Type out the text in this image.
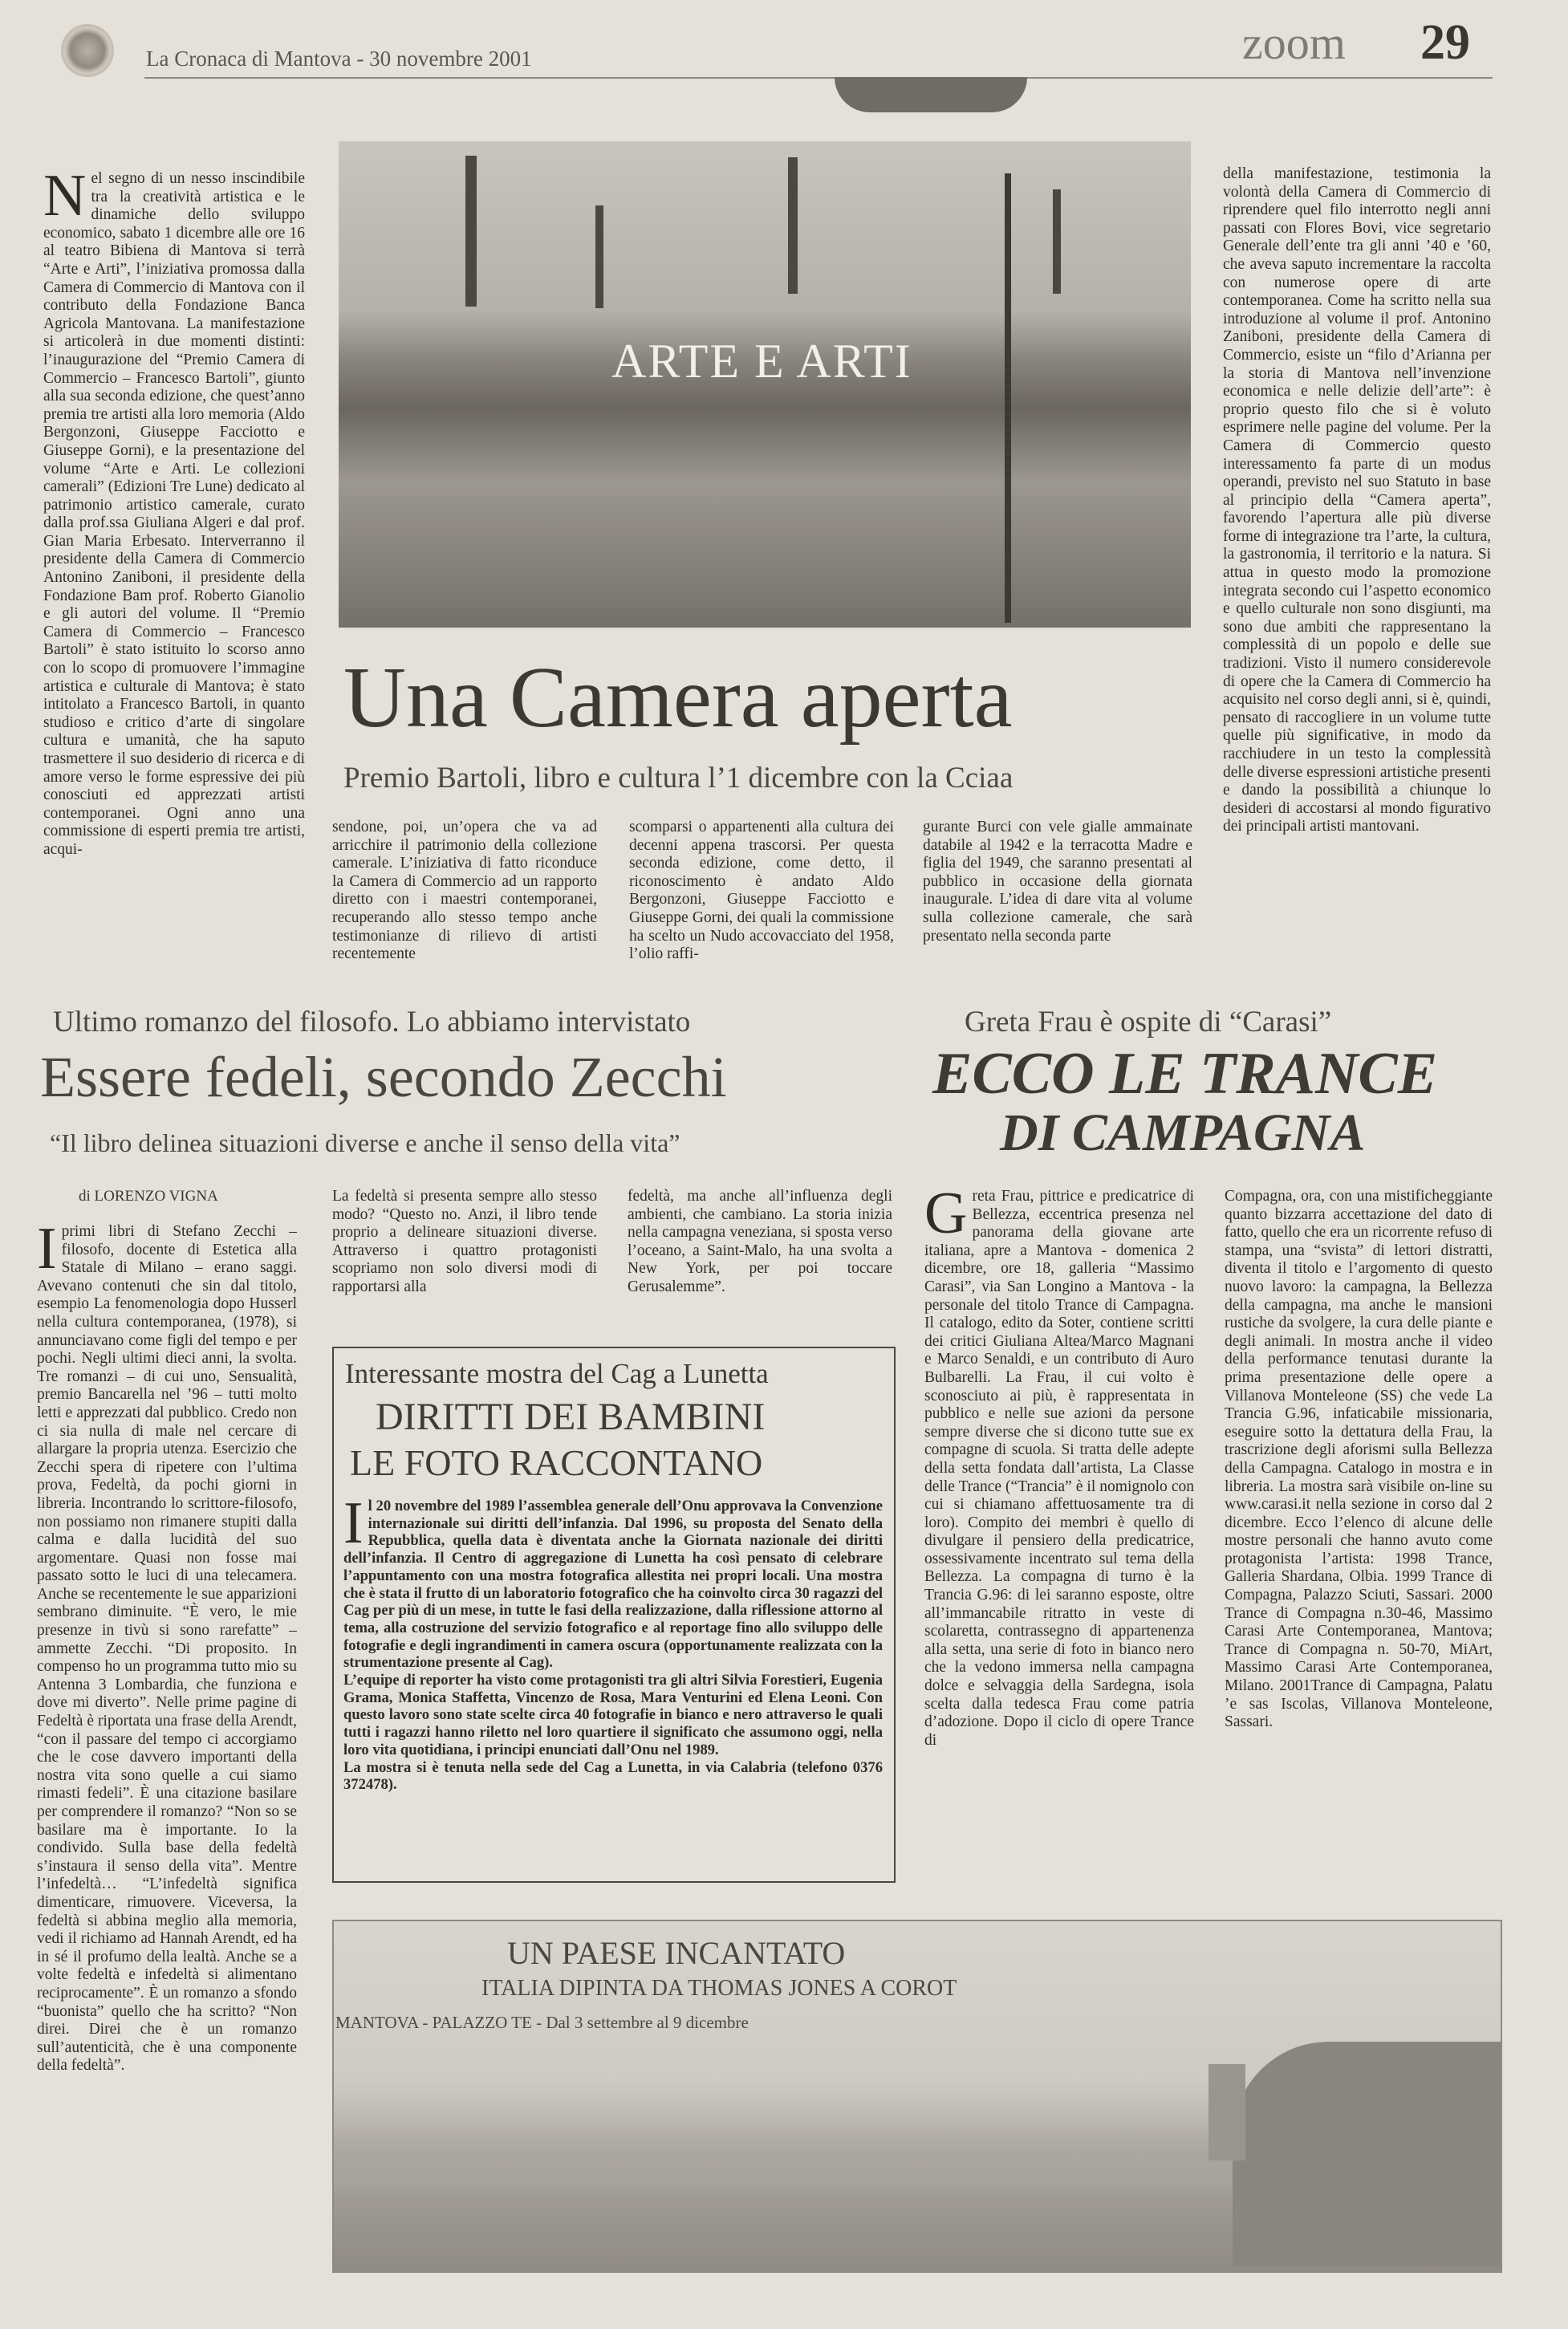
La Cronaca di Mantova - 30 novembre 2001	zoom 29
ARTE E ARTI
Nel segno di un nesso inscindibile tra la creatività artistica e le dinamiche dello sviluppo economico, sabato 1 dicembre alle ore 16 al teatro Bibiena di Mantova si terrà “Arte e Arti”, l’iniziativa promossa dalla Camera di Commercio di Mantova con il contributo della Fondazione Banca Agricola Mantovana. La manifestazione si articolerà in due momenti distinti: l’inaugurazione del “Premio Camera di Commercio – Francesco Bartoli”, giunto alla sua seconda edizione, che quest’anno premia tre artisti alla loro memoria (Aldo Bergonzoni, Giuseppe Facciotto e Giuseppe Gorni), e la presentazione del volume “Arte e Arti. Le collezioni camerali” (Edizioni Tre Lune) dedicato al patrimonio artistico camerale, curato dalla prof.ssa Giuliana Algeri e dal prof. Gian Maria Erbesato. Interverranno il presidente della Camera di Commercio Antonino Zaniboni, il presidente della Fondazione Bam prof. Roberto Gianolio e gli autori del volume. Il “Premio Camera di Commercio – Francesco Bartoli” è stato istituito lo scorso anno con lo scopo di promuovere l’immagine artistica e culturale di Mantova; è stato intitolato a Francesco Bartoli, in quanto studioso e critico d’arte di singolare cultura e umanità, che ha saputo trasmettere il suo desiderio di ricerca e di amore verso le forme espressive dei più conosciuti ed apprezzati artisti contemporanei. Ogni anno una commissione di esperti premia tre artisti, acqui-

della manifestazione, testimonia la volontà della Camera di Commercio di riprendere quel filo interrotto negli anni passati con Flores Bovi, vice segretario Generale dell’ente tra gli anni ’40 e ’60, che aveva saputo incrementare la raccolta con numerose opere di arte contemporanea. Come ha scritto nella sua introduzione al volume il prof. Antonino Zaniboni, presidente della Camera di Commercio, esiste un “filo d’Arianna per la storia di Mantova nell’invenzione economica e nelle delizie dell’arte”: è proprio questo filo che si è voluto esprimere nelle pagine del volume. Per la Camera di Commercio questo interessamento fa parte di un modus operandi, previsto nel suo Statuto in base al principio della “Camera aperta”, favorendo l’apertura alle più diverse forme di integrazione tra l’arte, la cultura, la gastronomia, il territorio e la natura. Si attua in questo modo la promozione integrata secondo cui l’aspetto economico e quello culturale non sono disgiunti, ma sono due ambiti che rappresentano la complessità di un popolo e delle sue tradizioni. Visto il numero considerevole di opere che la Camera di Commercio ha acquisito nel corso degli anni, si è, quindi, pensato di raccogliere in un volume tutte quelle più significative, in modo da racchiudere in un testo la complessità delle diverse espressioni artistiche presenti e dando la possibilità a chiunque lo desideri di accostarsi al mondo figurativo dei principali artisti mantovani.

Una Camera aperta
Premio Bartoli, libro e cultura l’1 dicembre con la Cciaa

sendone, poi, un’opera che va ad arricchire il patrimonio della collezione camerale. L’iniziativa di fatto riconduce la Camera di Commercio ad un rapporto diretto con i maestri contemporanei, recuperando allo stesso tempo anche testimonianze di rilievo di artisti recentemente

scomparsi o appartenenti alla cultura dei decenni appena trascorsi. Per questa seconda edizione, come detto, il riconoscimento è andato Aldo Bergonzoni, Giuseppe Facciotto e Giuseppe Gorni, dei quali la commissione ha scelto un Nudo accovacciato del 1958, l’olio raffi-

gurante Burci con vele gialle ammainate databile al 1942 e la terracotta Madre e figlia del 1949, che saranno presentati al pubblico in occasione della giornata inaugurale. L’idea di dare vita al volume sulla collezione camerale, che sarà presentato nella seconda parte

Ultimo romanzo del filosofo. Lo abbiamo intervistato
Essere fedeli, secondo Zecchi
“Il libro delinea situazioni diverse e anche il senso della vita”
Greta Frau è ospite di “Carasi”
ECCO LE TRANCE
DI CAMPAGNA
di LORENZO VIGNA
Iprimi libri di Stefano Zecchi – filosofo, docente di Estetica alla Statale di Milano – erano saggi. Avevano contenuti che sin dal titolo, esempio La fenomenologia dopo Husserl nella cultura contemporanea, (1978), si annunciavano come figli del tempo e per pochi. Negli ultimi dieci anni, la svolta. Tre romanzi – di cui uno, Sensualità, premio Bancarella nel ’96 – tutti molto letti e apprezzati dal pubblico. Credo non ci sia nulla di male nel cercare di allargare la propria utenza. Esercizio che Zecchi spera di ripetere con l’ultima prova, Fedeltà, da pochi giorni in libreria. Incontrando lo scrittore-filosofo, non possiamo non rimanere stupiti dalla calma e dalla lucidità del suo argomentare. Quasi non fosse mai passato sotto le luci di una telecamera. Anche se recentemente le sue apparizioni sembrano diminuite. “È vero, le mie presenze in tivù si sono rarefatte” – ammette Zecchi. “Di proposito. In compenso ho un programma tutto mio su Antenna 3 Lombardia, che funziona e dove mi diverto”. Nelle prime pagine di Fedeltà è riportata una frase della Arendt, “con il passare del tempo ci accorgiamo che le cose davvero importanti della nostra vita sono quelle a cui siamo rimasti fedeli”. È una citazione basilare per comprendere il romanzo? “Non so se basilare ma è importante. Io la condivido. Sulla base della fedeltà s’instaura il senso della vita”. Mentre l’infedeltà… “L’infedeltà significa dimenticare, rimuovere. Viceversa, la fedeltà si abbina meglio alla memoria, vedi il richiamo ad Hannah Arendt, ed ha in sé il profumo della lealtà. Anche se a volte fedeltà e infedeltà si alimentano reciprocamente”. È un romanzo a sfondo “buonista” quello che ha scritto? “Non direi. Direi che è un romanzo sull’autenticità, che è una componente della fedeltà”.

La fedeltà si presenta sempre allo stesso modo? “Questo no. Anzi, il libro tende proprio a delineare situazioni diverse. Attraverso i quattro protagonisti scopriamo non solo diversi modi di rapportarsi alla

fedeltà, ma anche all’influenza degli ambienti, che cambiano. La storia inizia nella campagna veneziana, si sposta verso l’oceano, a Saint-Malo, ha una svolta a New York, per poi toccare Gerusalemme”.

Interessante mostra del Cag a Lunetta
DIRITTI DEI BAMBINI
LE FOTO RACCONTANO
Il 20 novembre del 1989 l’assemblea generale dell’Onu approvava la Convenzione internazionale sui diritti dell’infanzia. Dal 1996, su proposta del Senato della Repubblica, quella data è diventata anche la Giornata nazionale dei diritti dell’infanzia. Il Centro di aggregazione di Lunetta ha così pensato di celebrare l’appuntamento con una mostra fotografica allestita nei propri locali. Una mostra che è stata il frutto di un laboratorio fotografico che ha coinvolto circa 30 ragazzi del Cag per più di un mese, in tutte le fasi della realizzazione, dalla riflessione attorno al tema, alla costruzione del servizio fotografico e al reportage fino allo sviluppo delle fotografie e degli ingrandimenti in camera oscura (opportunamente realizzata con la strumentazione presente al Cag).

L’equipe di reporter ha visto come protagonisti tra gli altri Silvia Forestieri, Eugenia Grama, Monica Staffetta, Vincenzo de Rosa, Mara Venturini ed Elena Leoni. Con questo lavoro sono state scelte circa 40 fotografie in bianco e nero attraverso le quali tutti i ragazzi hanno riletto nel loro quartiere il significato che assumono oggi, nella loro vita quotidiana, i principi enunciati dall’Onu nel 1989.

La mostra si è tenuta nella sede del Cag a Lunetta, in via Calabria (telefono 0376 372478).

Greta Frau, pittrice e predicatrice di Bellezza, eccentrica presenza nel panorama della giovane arte italiana, apre a Mantova - domenica 2 dicembre, ore 18, galleria “Massimo Carasi”, via San Longino a Mantova - la personale del titolo Trance di Campagna. Il catalogo, edito da Soter, contiene scritti dei critici Giuliana Altea/Marco Magnani e Marco Senaldi, e un contributo di Auro Bulbarelli. La Frau, il cui volto è sconosciuto ai più, è rappresentata in pubblico e nelle sue azioni da persone sempre diverse che si dicono tutte sue ex compagne di scuola. Si tratta delle adepte della setta fondata dall’artista, La Classe delle Trance (“Trancia” è il nomignolo con cui si chiamano affettuosamente tra di loro). Compito dei membri è quello di divulgare il pensiero della predicatrice, ossessivamente incentrato sul tema della Bellezza. La compagna di turno è la Trancia G.96: di lei saranno esposte, oltre all’immancabile ritratto in veste di scolaretta, contrassegno di appartenenza alla setta, una serie di foto in bianco nero che la vedono immersa nella campagna dolce e selvaggia della Sardegna, isola scelta dalla tedesca Frau come patria d’adozione. Dopo il ciclo di opere Trance di

Compagna, ora, con una mistificheggiante quanto bizzarra accettazione del dato di fatto, quello che era un ricorrente refuso di stampa, una “svista” di lettori distratti, diventa il titolo e l’argomento di questo nuovo lavoro: la campagna, la Bellezza della campagna, ma anche le mansioni rustiche da svolgere, la cura delle piante e degli animali. In mostra anche il video della performance tenutasi durante la prima presentazione delle opere a Villanova Monteleone (SS) che vede La Trancia G.96, infaticabile missionaria, eseguire sotto la dettatura della Frau, la trascrizione degli aforismi sulla Bellezza della Campagna. Catalogo in mostra e in libreria. La mostra sarà visibile on-line su www.carasi.it nella sezione in corso dal 2 dicembre. Ecco l’elenco di alcune delle mostre personali che hanno avuto come protagonista l’artista: 1998 Trance, Galleria Shardana, Olbia. 1999 Trance di Compagna, Palazzo Sciuti, Sassari. 2000 Trance di Compagna n.30-46, Massimo Carasi Arte Contemporanea, Mantova; Trance di Compagna n. 50-70, MiArt, Massimo Carasi Arte Contemporanea, Milano. 2001Trance di Campagna, Palatu ’e sas Iscolas, Villanova Monteleone, Sassari.

UN PAESE INCANTATO
ITALIA DIPINTA DA THOMAS JONES A COROT
MANTOVA - PALAZZO TE - Dal 3 settembre al 9 dicembre
